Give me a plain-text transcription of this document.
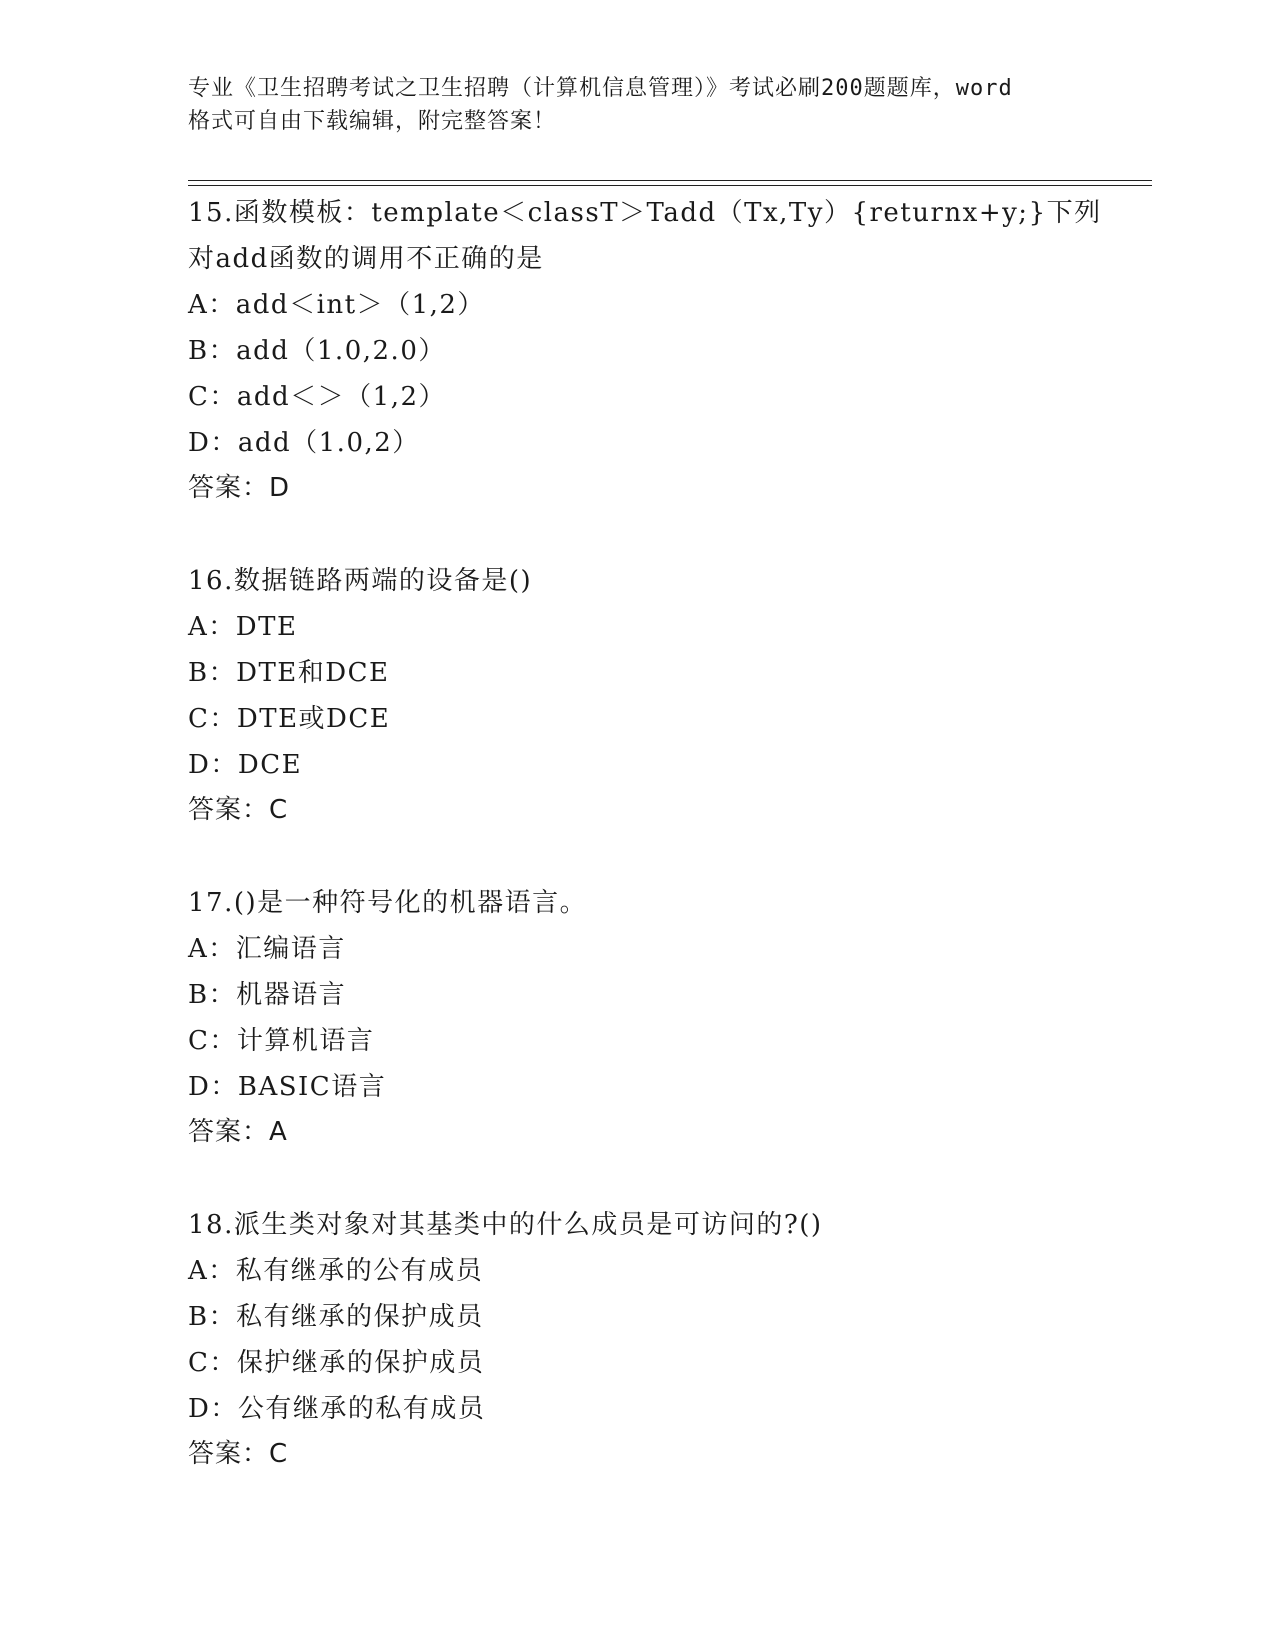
专业《卫生招聘考试之卫生招聘（计算机信息管理）》考试必刷200题题库，word
格式可自由下载编辑，附完整答案！
15.函数模板：template＜classT＞Tadd（Tx,Ty）{returnx+y;}下列
对add函数的调用不正确的是
A：add＜int＞（1,2）
B：add（1.0,2.0）
C：add＜＞（1,2）
D：add（1.0,2）
答案：D
16.数据链路两端的设备是()
A：DTE
B：DTE和DCE
C：DTE或DCE
D：DCE
答案：C
17.()是一种符号化的机器语言。
A：汇编语言
B：机器语言
C：计算机语言
D：BASIC语言
答案：A
18.派生类对象对其基类中的什么成员是可访问的?()
A：私有继承的公有成员
B：私有继承的保护成员
C：保护继承的保护成员
D：公有继承的私有成员
答案：C
